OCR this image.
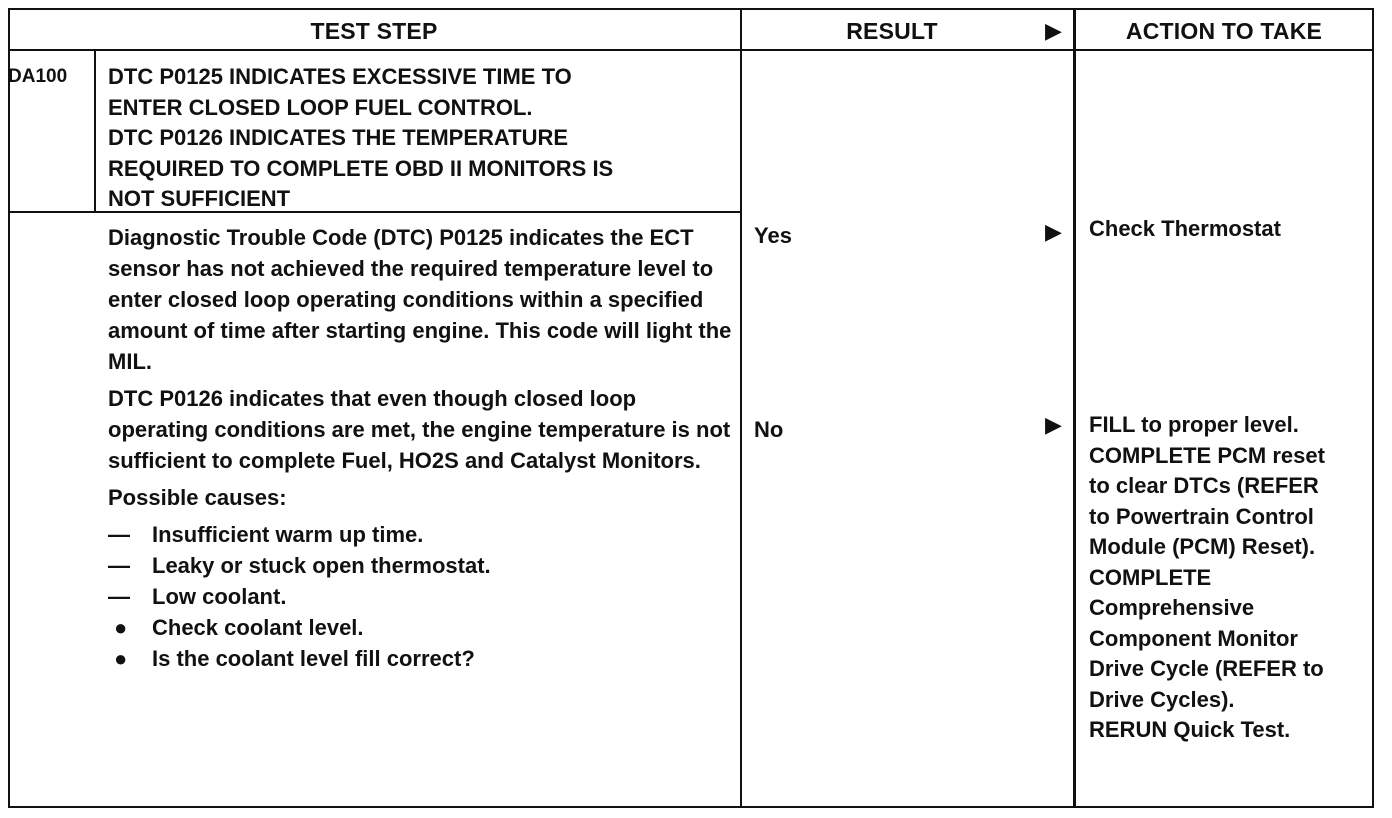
TEST STEP	RESULT	▶	ACTION TO TAKE
DA100 DTC P0125 INDICATES EXCESSIVE TIME TO
ENTER CLOSED LOOP FUEL CONTROL.
DTC P0126 INDICATES THE TEMPERATURE
REQUIRED TO COMPLETE OBD II MONITORS IS
NOT SUFFICIENT

Diagnostic Trouble Code (DTC) P0125 indicates the ECT sensor has not achieved the required temperature level to enter closed loop operating conditions within a specified amount of time after starting engine. This code will light the MIL.

DTC P0126 indicates that even though closed loop operating conditions are met, the engine temperature is not sufficient to complete Fuel, HO2S and Catalyst Monitors.

Possible causes:

—	Insufficient warm up time.
—	Leaky or stuck open thermostat.
—	Low coolant.
● Check coolant level.
● Is the coolant level fill correct?
Yes	▶ Check Thermostat
No	▶ FILL to proper level.
COMPLETE PCM reset
to clear DTCs (REFER
to Powertrain Control
Module (PCM) Reset).
COMPLETE
Comprehensive
Component Monitor
Drive Cycle (REFER to
Drive Cycles).
RERUN Quick Test.
